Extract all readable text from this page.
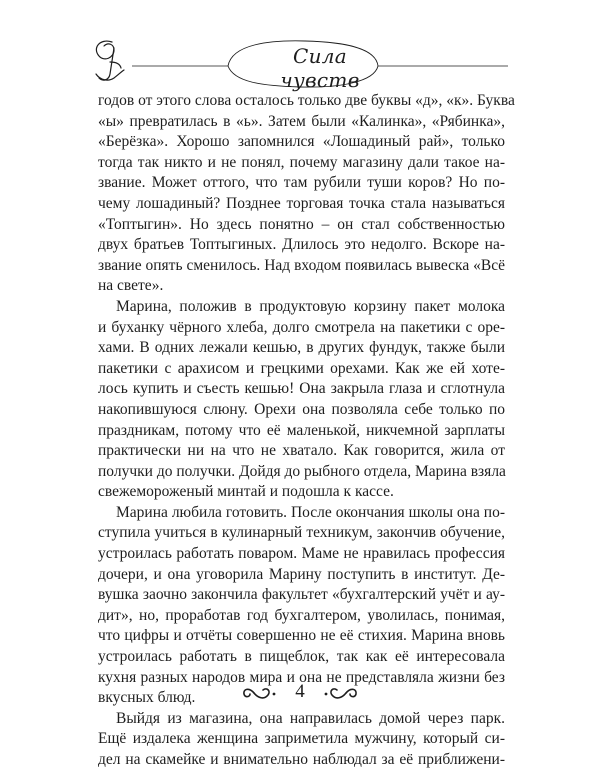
Сила чувств
годов от этого слова осталось только две буквы «д», «к». Буква
«ы» превратилась в «ь». Затем были «Калинка», «Рябинка»,
«Берёзка». Хорошо запомнился «Лошадиный рай», только
тогда так никто и не понял, почему магазину дали такое на-
звание. Может оттого, что там рубили туши коров? Но по-
чему лошадиный? Позднее торговая точка стала называться
«Топтыгин». Но здесь понятно – он стал собственностью
двух братьев Топтыгиных. Длилось это недолго. Вскоре на-
звание опять сменилось. Над входом появилась вывеска «Всё
на свете».
Марина, положив в продуктовую корзину пакет молока
и буханку чёрного хлеба, долго смотрела на пакетики с оре-
хами. В одних лежали кешью, в других фундук, также были
пакетики с арахисом и грецкими орехами. Как же ей хоте-
лось купить и съесть кешью! Она закрыла глаза и сглотнула
накопившуюся слюну. Орехи она позволяла себе только по
праздникам, потому что её маленькой, никчемной зарплаты
практически ни на что не хватало. Как говорится, жила от
получки до получки. Дойдя до рыбного отдела, Марина взяла
свежемороженый минтай и подошла к кассе.
Марина любила готовить. После окончания школы она по-
ступила учиться в кулинарный техникум, закончив обучение,
устроилась работать поваром. Маме не нравилась профессия
дочери, и она уговорила Марину поступить в институт. Де-
вушка заочно закончила факультет «бухгалтерский учёт и ау-
дит», но, проработав год бухгалтером, уволилась, понимая,
что цифры и отчёты совершенно не её стихия. Марина вновь
устроилась работать в пищеблок, так как её интересовала
кухня разных народов мира и она не представляла жизни без
вкусных блюд.
Выйдя из магазина, она направилась домой через парк.
Ещё издалека женщина заприметила мужчину, который си-
дел на скамейке и внимательно наблюдал за её приближени-
4
